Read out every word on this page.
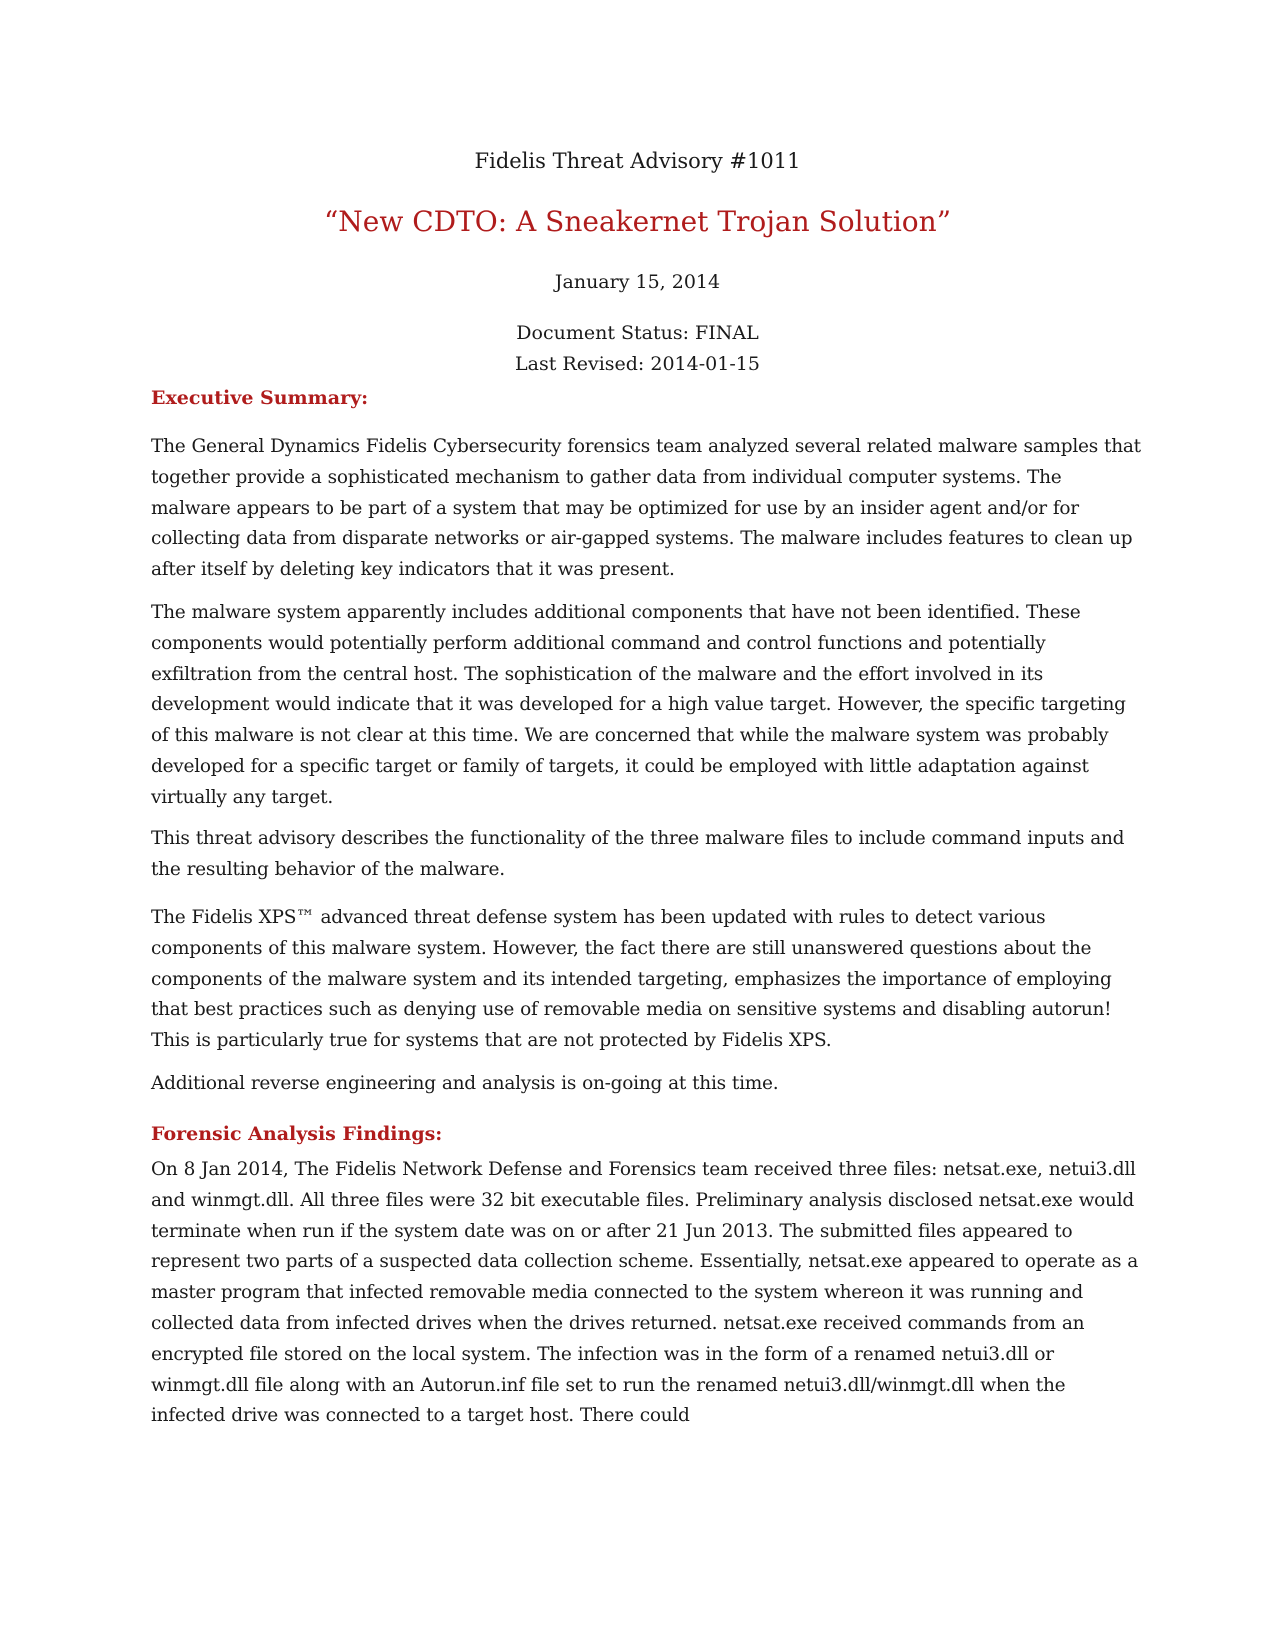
Fidelis Threat Advisory #1011
“New CDTO: A Sneakernet Trojan Solution”
January 15, 2014
Document Status: FINAL
Last Revised: 2014-01-15
Executive Summary:

The General Dynamics Fidelis Cybersecurity forensics team analyzed several related malware samples that together provide a sophisticated mechanism to gather data from individual computer systems. The malware appears to be part of a system that may be optimized for use by an insider agent and/or for collecting data from disparate networks or air-gapped systems. The malware includes features to clean up after itself by deleting key indicators that it was present.

The malware system apparently includes additional components that have not been identified. These components would potentially perform additional command and control functions and potentially exfiltration from the central host. The sophistication of the malware and the effort involved in its development would indicate that it was developed for a high value target. However, the specific targeting of this malware is not clear at this time. We are concerned that while the malware system was probably developed for a specific target or family of targets, it could be employed with little adaptation against virtually any target.

This threat advisory describes the functionality of the three malware files to include command inputs and the resulting behavior of the malware.

The Fidelis XPS™ advanced threat defense system has been updated with rules to detect various components of this malware system. However, the fact there are still unanswered questions about the components of the malware system and its intended targeting, emphasizes the importance of employing that best practices such as denying use of removable media on sensitive systems and disabling autorun! This is particularly true for systems that are not protected by Fidelis XPS.

Additional reverse engineering and analysis is on-going at this time.

Forensic Analysis Findings:

On 8 Jan 2014, The Fidelis Network Defense and Forensics team received three files: netsat.exe, netui3.dll and winmgt.dll. All three files were 32 bit executable files. Preliminary analysis disclosed netsat.exe would terminate when run if the system date was on or after 21 Jun 2013. The submitted files appeared to represent two parts of a suspected data collection scheme. Essentially, netsat.exe appeared to operate as a master program that infected removable media connected to the system whereon it was running and collected data from infected drives when the drives returned. netsat.exe received commands from an encrypted file stored on the local system. The infection was in the form of a renamed netui3.dll or winmgt.dll file along with an Autorun.inf file set to run the renamed netui3.dll/winmgt.dll when the infected drive was connected to a target host. There could
